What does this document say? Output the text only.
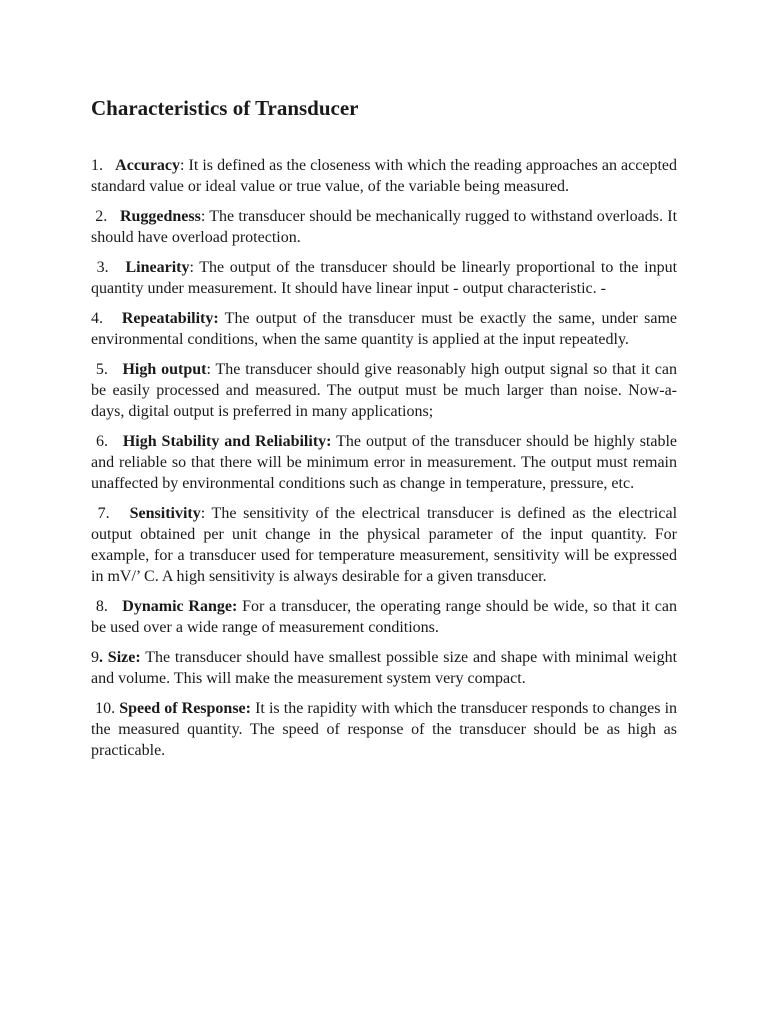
Characteristics of Transducer

1.   Accuracy: It is defined as the closeness with which the reading approaches an accepted standard value or ideal value or true value, of the variable being measured.

2.   Ruggedness: The transducer should be mechanically rugged to withstand overloads. It should have overload protection.

3.   Linearity: The output of the transducer should be linearly proportional to the input quantity under measurement. It should have linear input - output characteristic. -

4.   Repeatability: The output of the transducer must be exactly the same, under same environmental conditions, when the same quantity is applied at the input repeatedly.

5.   High output: The transducer should give reasonably high output signal so that it can be easily processed and measured. The output must be much larger than noise. Now-a-days, digital output is preferred in many applications;

6.   High Stability and Reliability: The output of the transducer should be highly stable and reliable so that there will be minimum error in measurement. The output must remain unaffected by environmental conditions such as change in temperature, pressure, etc.

7.   Sensitivity: The sensitivity of the electrical transducer is defined as the electrical output obtained per unit change in the physical parameter of the input quantity. For example, for a transducer used for temperature measurement, sensitivity will be expressed in mV/’ C. A high sensitivity is always desirable for a given transducer.

8.   Dynamic Range: For a transducer, the operating range should be wide, so that it can be used over a wide range of measurement conditions.

9. Size: The transducer should have smallest possible size and shape with minimal weight and volume. This will make the measurement system very compact.

10. Speed of Response: It is the rapidity with which the transducer responds to changes in the measured quantity. The speed of response of the transducer should be as high as practicable.
